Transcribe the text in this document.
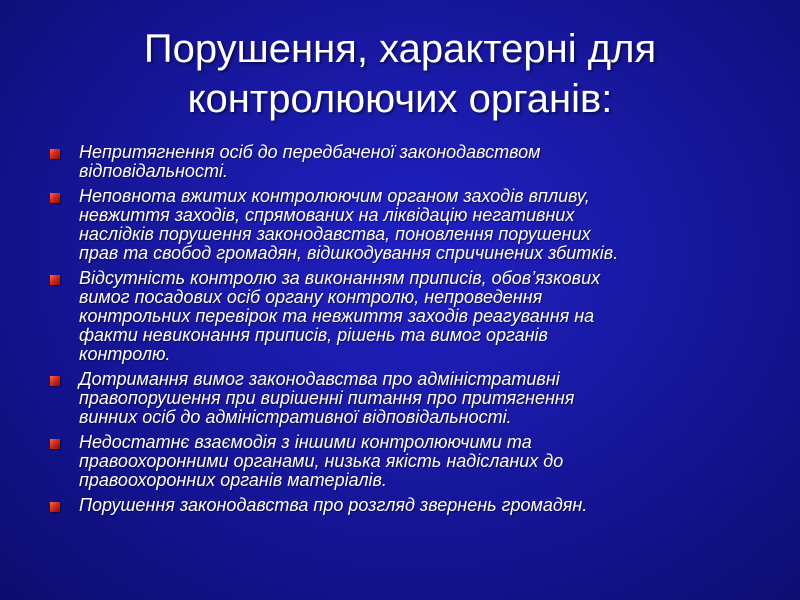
Порушення, характерні для
контролюючих органів:
Непритягнення осіб до передбаченої законодавством
відповідальності.
Неповнота вжитих контролюючим органом заходів впливу,
невжиття заходів, спрямованих на ліквідацію негативних
наслідків порушення законодавства, поновлення порушених
прав та свобод громадян, відшкодування спричинених збитків.
Відсутність контролю за виконанням приписів, обов’язкових
вимог посадових осіб органу контролю, непроведення
контрольних перевірок та невжиття заходів реагування на
факти невиконання приписів, рішень та вимог органів
контролю.
Дотримання вимог законодавства про адміністративні
правопорушення при вирішенні питання про притягнення
винних осіб до адміністративної відповідальності.
Недостатнє взаємодія з іншими контролюючими та
правоохоронними органами, низька якість надісланих до
правоохоронних органів матеріалів.
Порушення законодавства про розгляд звернень громадян.
